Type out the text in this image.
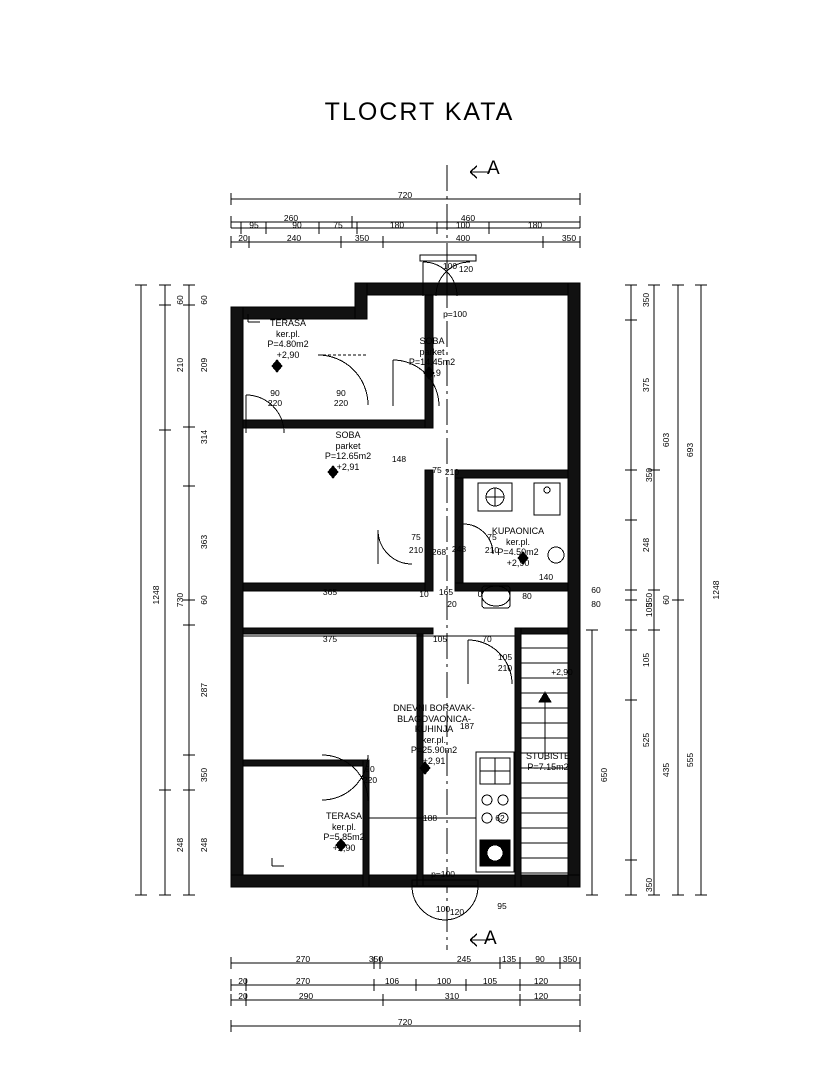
TLOCRT KATA
A
A
TERASA
ker.pl.
P=4.80m2
+2,90
SOBA
parket
P=14.45m2
+2,9
SOBA
parket
P=12.65m2
+2,91
KUPAONICA
ker.pl.
P=4.50m2
+2,90
DNEVNI BORAVAK-
BLAGOVAONICA-
KUHINJA
ker.pl.
P=25.90m2
+2,91
TERASA
ker.pl.
P=5.85m2
+2,90
STUBISTE
P=7.15m2
p=100
90
220
90
220
75
210
75
210
80
105
210	+2,90
90
220
p=100
720
260	460
95	90	75	180	100	180
20	240	350	400	350
270	350	245	135 90 350
20	270	106	100	105	120
20	290	310	120
720
60 60
210 209
314
363
730
1248	60
287
350
248 248
350
375
603
693
350
248
1248
350
105
60
105
525
555
435
650
350
365
375	105	70
165
188	62
148
210
75
268 248
140
60
80
187
95
100 120
100 120
20
10	0
